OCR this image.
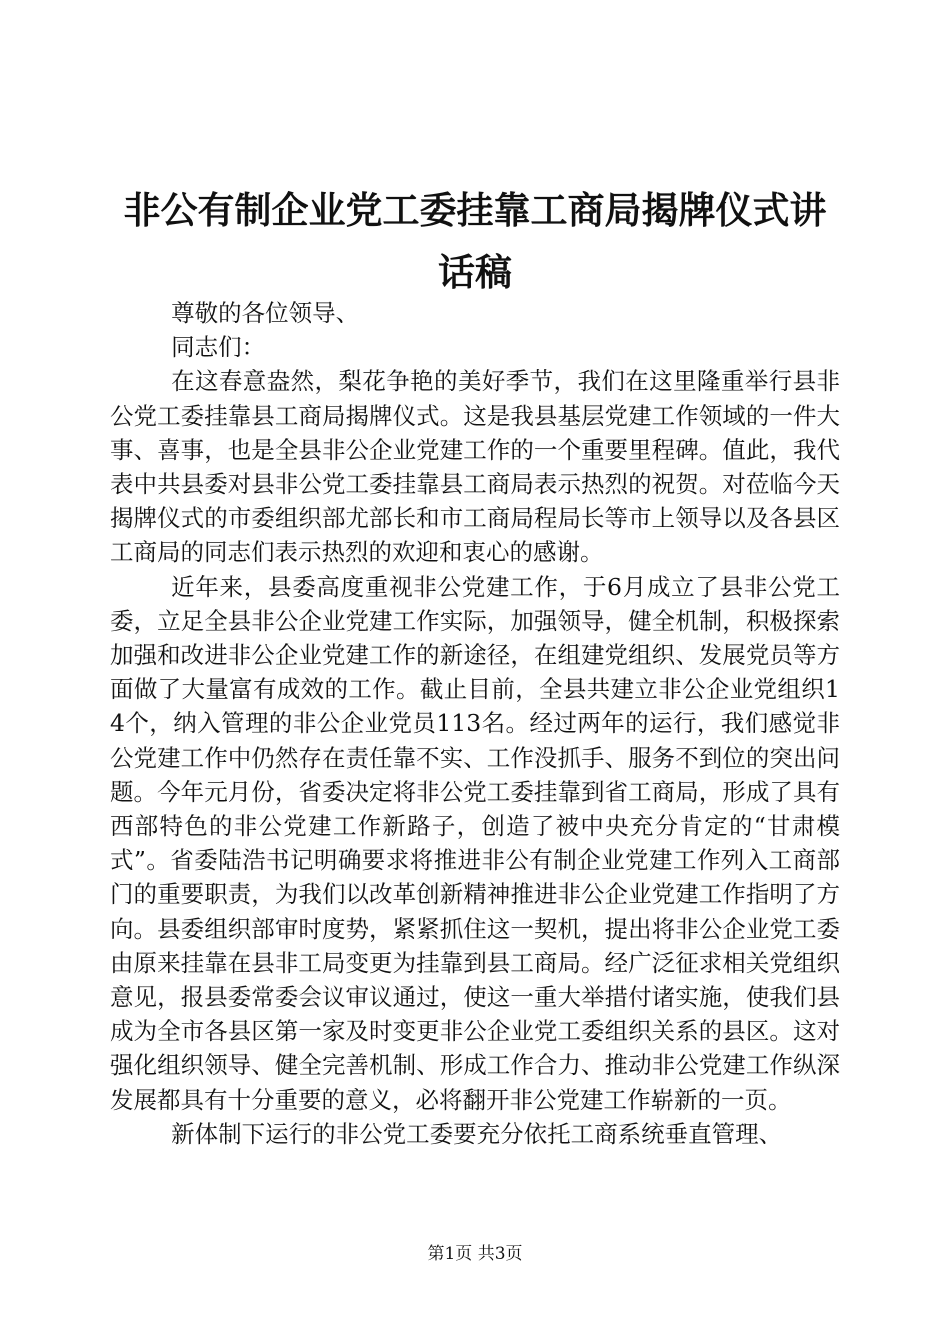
非公有制企业党工委挂靠工商局揭牌仪式讲话稿

尊敬的各位领导、

同志们：

在这春意盎然，梨花争艳的美好季节，我们在这里隆重举行县非公党工委挂靠县工商局揭牌仪式。这是我县基层党建工作领域的一件大事、喜事，也是全县非公企业党建工作的一个重要里程碑。值此，我代表中共县委对县非公党工委挂靠县工商局表示热烈的祝贺。对莅临今天揭牌仪式的市委组织部尤部长和市工商局程局长等市上领导以及各县区工商局的同志们表示热烈的欢迎和衷心的感谢。

近年来，县委高度重视非公党建工作，于6月成立了县非公党工委，立足全县非公企业党建工作实际，加强领导，健全机制，积极探索加强和改进非公企业党建工作的新途径，在组建党组织、发展党员等方面做了大量富有成效的工作。截止目前，全县共建立非公企业党组织14个，纳入管理的非公企业党员113名。经过两年的运行，我们感觉非公党建工作中仍然存在责任靠不实、工作没抓手、服务不到位的突出问题。今年元月份，省委决定将非公党工委挂靠到省工商局，形成了具有西部特色的非公党建工作新路子，创造了被中央充分肯定的“甘肃模式”。省委陆浩书记明确要求将推进非公有制企业党建工作列入工商部门的重要职责，为我们以改革创新精神推进非公企业党建工作指明了方向。县委组织部审时度势，紧紧抓住这一契机，提出将非公企业党工委由原来挂靠在县非工局变更为挂靠到县工商局。经广泛征求相关党组织意见，报县委常委会议审议通过，使这一重大举措付诸实施，使我们县成为全市各县区第一家及时变更非公企业党工委组织关系的县区。这对强化组织领导、健全完善机制、形成工作合力、推动非公党建工作纵深发展都具有十分重要的意义，必将翻开非公党建工作崭新的一页。

新体制下运行的非公党工委要充分依托工商系统垂直管理、

第1页 共3页
